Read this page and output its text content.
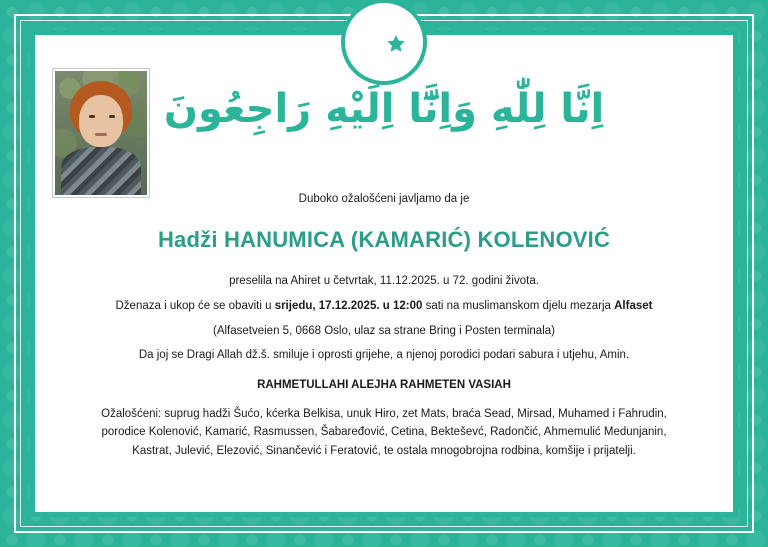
اِنَّا لِلّٰهِ وَاِنَّٓا اِلَيْهِ رَاجِعُونَ
Duboko ožalošćeni javljamo da je
Hadži HANUMICA (KAMARIĆ) KOLENOVIĆ
preselila na Ahiret u četvrtak, 11.12.2025. u 72. godini života.
Dženaza i ukop će se obaviti u srijedu, 17.12.2025. u 12:00 sati na muslimanskom djelu mezarja Alfaset
(Alfasetveien 5, 0668 Oslo, ulaz sa strane Bring i Posten terminala)
Da joj se Dragi Allah dž.š. smiluje i oprosti grijehe, a njenoj porodici podari sabura i utjehu, Amin.
RAHMETULLAHI ALEJHA RAHMETEN VASIAH
Ožalošćeni: suprug hadži Šućo, kćerka Belkisa, unuk Hiro, zet Mats, braća Sead, Mirsad, Muhamed i Fahrudin, porodice Kolenović, Kamarić, Rasmussen, Šabaređović, Cetina, Bekteševć, Radončić, Ahmemulić Medunjanin, Kastrat, Julević, Elezović, Sinančević i Feratović, te ostala mnogobrojna rodbina, komšije i prijatelji.
